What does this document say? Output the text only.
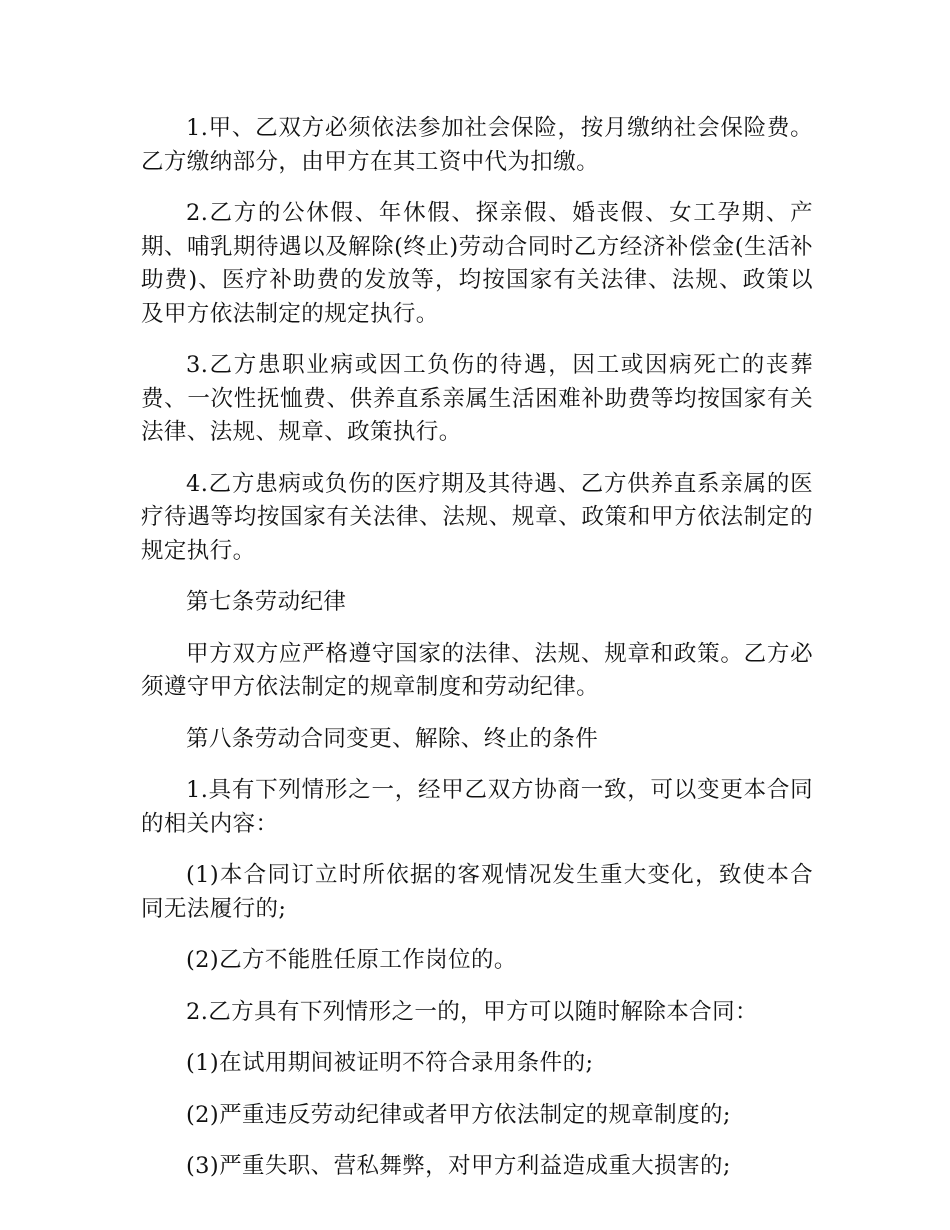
1.甲、乙双方必须依法参加社会保险，按月缴纳社会保险费。乙方缴纳部分，由甲方在其工资中代为扣缴。

2.乙方的公休假、年休假、探亲假、婚丧假、女工孕期、产期、哺乳期待遇以及解除(终止)劳动合同时乙方经济补偿金(生活补助费)、医疗补助费的发放等，均按国家有关法律、法规、政策以及甲方依法制定的规定执行。

3.乙方患职业病或因工负伤的待遇，因工或因病死亡的丧葬费、一次性抚恤费、供养直系亲属生活困难补助费等均按国家有关法律、法规、规章、政策执行。

4.乙方患病或负伤的医疗期及其待遇、乙方供养直系亲属的医疗待遇等均按国家有关法律、法规、规章、政策和甲方依法制定的规定执行。

第七条劳动纪律

甲方双方应严格遵守国家的法律、法规、规章和政策。乙方必须遵守甲方依法制定的规章制度和劳动纪律。

第八条劳动合同变更、解除、终止的条件

1.具有下列情形之一，经甲乙双方协商一致，可以变更本合同的相关内容：

(1)本合同订立时所依据的客观情况发生重大变化，致使本合同无法履行的;

(2)乙方不能胜任原工作岗位的。

2.乙方具有下列情形之一的，甲方可以随时解除本合同：

(1)在试用期间被证明不符合录用条件的;

(2)严重违反劳动纪律或者甲方依法制定的规章制度的;

(3)严重失职、营私舞弊，对甲方利益造成重大损害的;
